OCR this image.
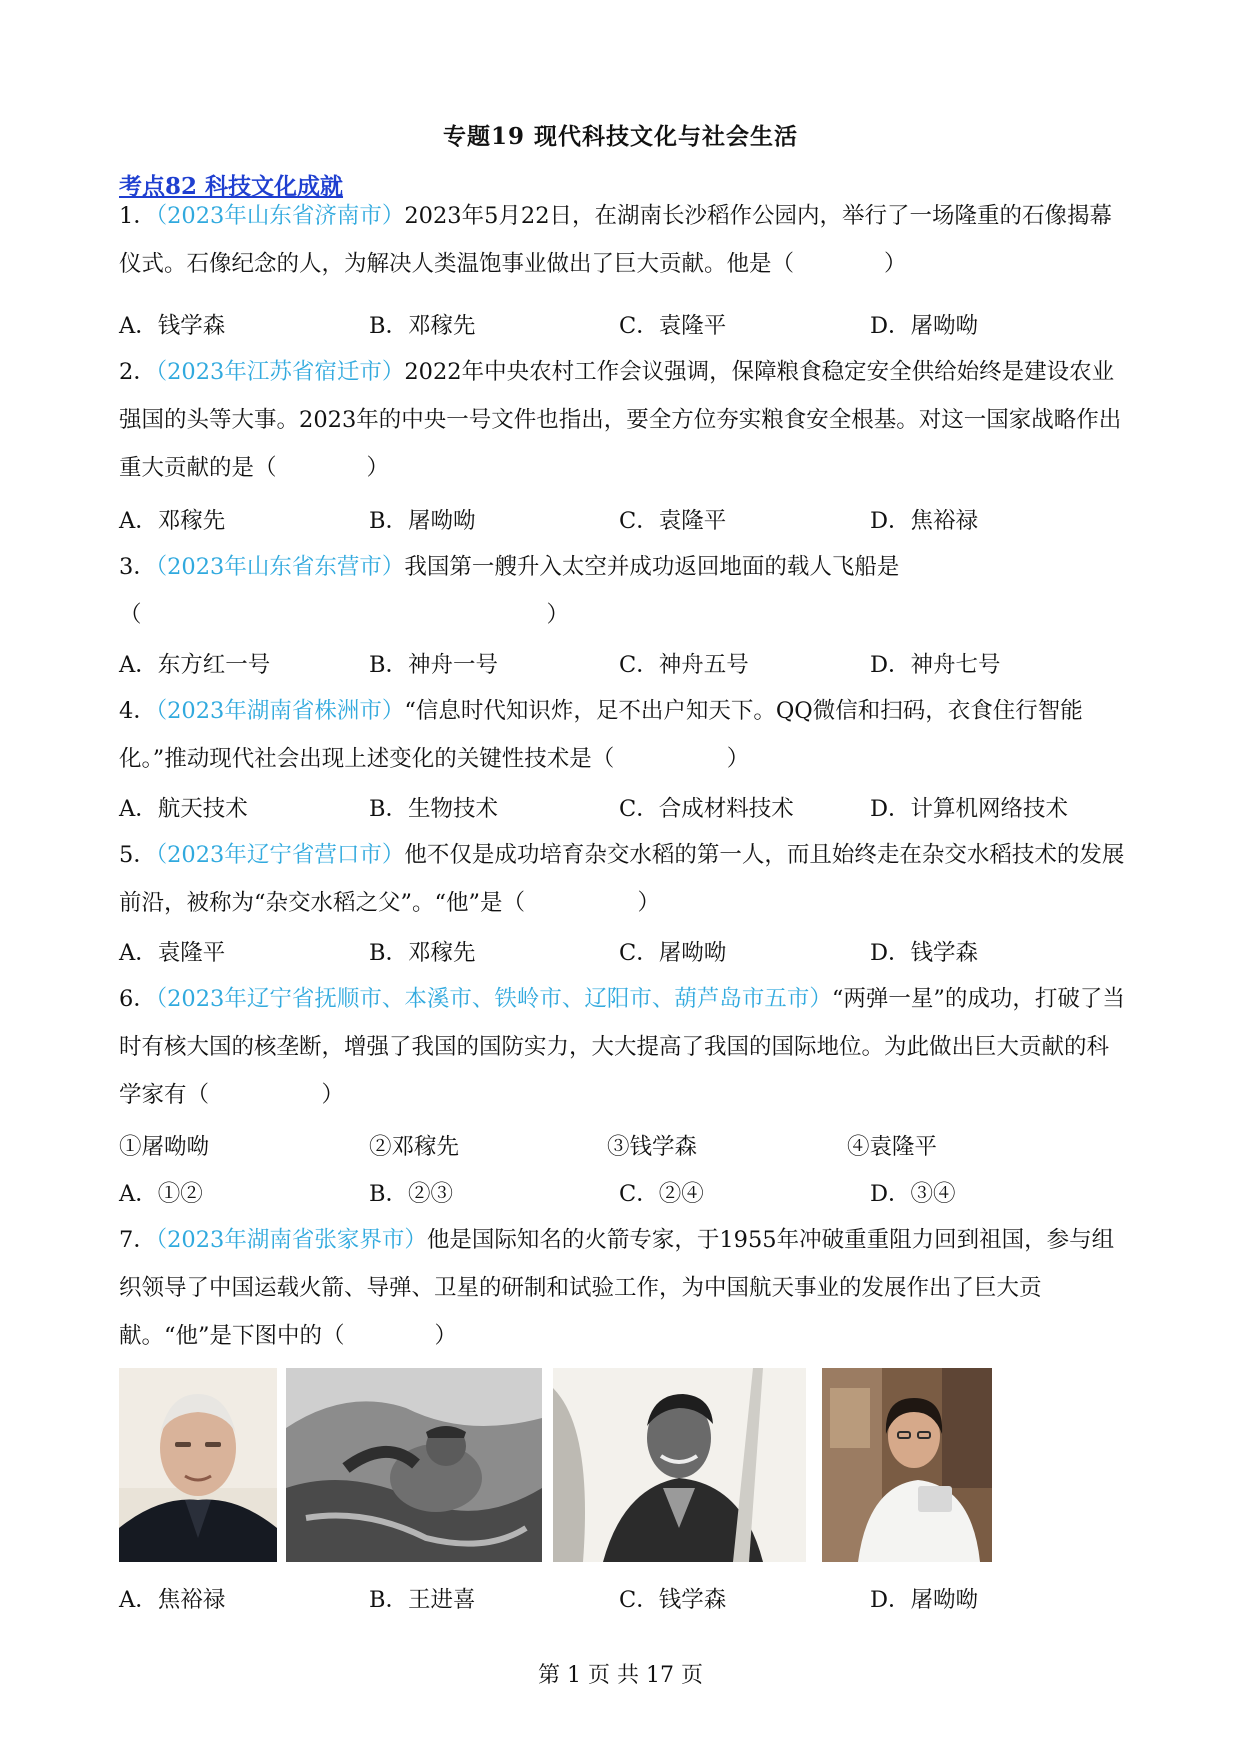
专题19 现代科技文化与社会生活
考点82 科技文化成就
1．（2023年山东省济南市）2023年5月22日，在湖南长沙稻作公园内，举行了一场隆重的石像揭幕仪式。石像纪念的人，为解决人类温饱事业做出了巨大贡献。他是（　　　　）
A．钱学森	B．邓稼先	C．袁隆平	D．屠呦呦
2．（2023年江苏省宿迁市）2022年中央农村工作会议强调，保障粮食稳定安全供给始终是建设农业强国的头等大事。2023年的中央一号文件也指出，要全方位夯实粮食安全根基。对这一国家战略作出重大贡献的是（　　　　）
A．邓稼先	B．屠呦呦	C．袁隆平	D．焦裕禄
3．（2023年山东省东营市）我国第一艘升入太空并成功返回地面的载人飞船是（　　　　　　　　　　　　　　　　　　）
A．东方红一号	B．神舟一号	C．神舟五号	D．神舟七号
4．（2023年湖南省株洲市）“信息时代知识炸，足不出户知天下。QQ微信和扫码，衣食住行智能化。”推动现代社会出现上述变化的关键性技术是（　　　　　）
A．航天技术	B．生物技术	C．合成材料技术	D．计算机网络技术
5．（2023年辽宁省营口市）他不仅是成功培育杂交水稻的第一人，而且始终走在杂交水稻技术的发展前沿，被称为“杂交水稻之父”。“他”是（　　　　　）
A．袁隆平	B．邓稼先	C．屠呦呦	D．钱学森
6．（2023年辽宁省抚顺市、本溪市、铁岭市、辽阳市、葫芦岛市五市）“两弹一星”的成功，打破了当时有核大国的核垄断，增强了我国的国防实力，大大提高了我国的国际地位。为此做出巨大贡献的科学家有（　　　　　）
①屠呦呦	②邓稼先	③钱学森	④袁隆平
A．①②	B．②③	C．②④	D．③④
7．（2023年湖南省张家界市）他是国际知名的火箭专家，于1955年冲破重重阻力回到祖国，参与组织领导了中国运载火箭、导弹、卫星的研制和试验工作，为中国航天事业的发展作出了巨大贡献。“他”是下图中的（　　　　）
A．焦裕禄	B．王进喜	C．钱学森	D．屠呦呦
第 1 页 共 17 页
